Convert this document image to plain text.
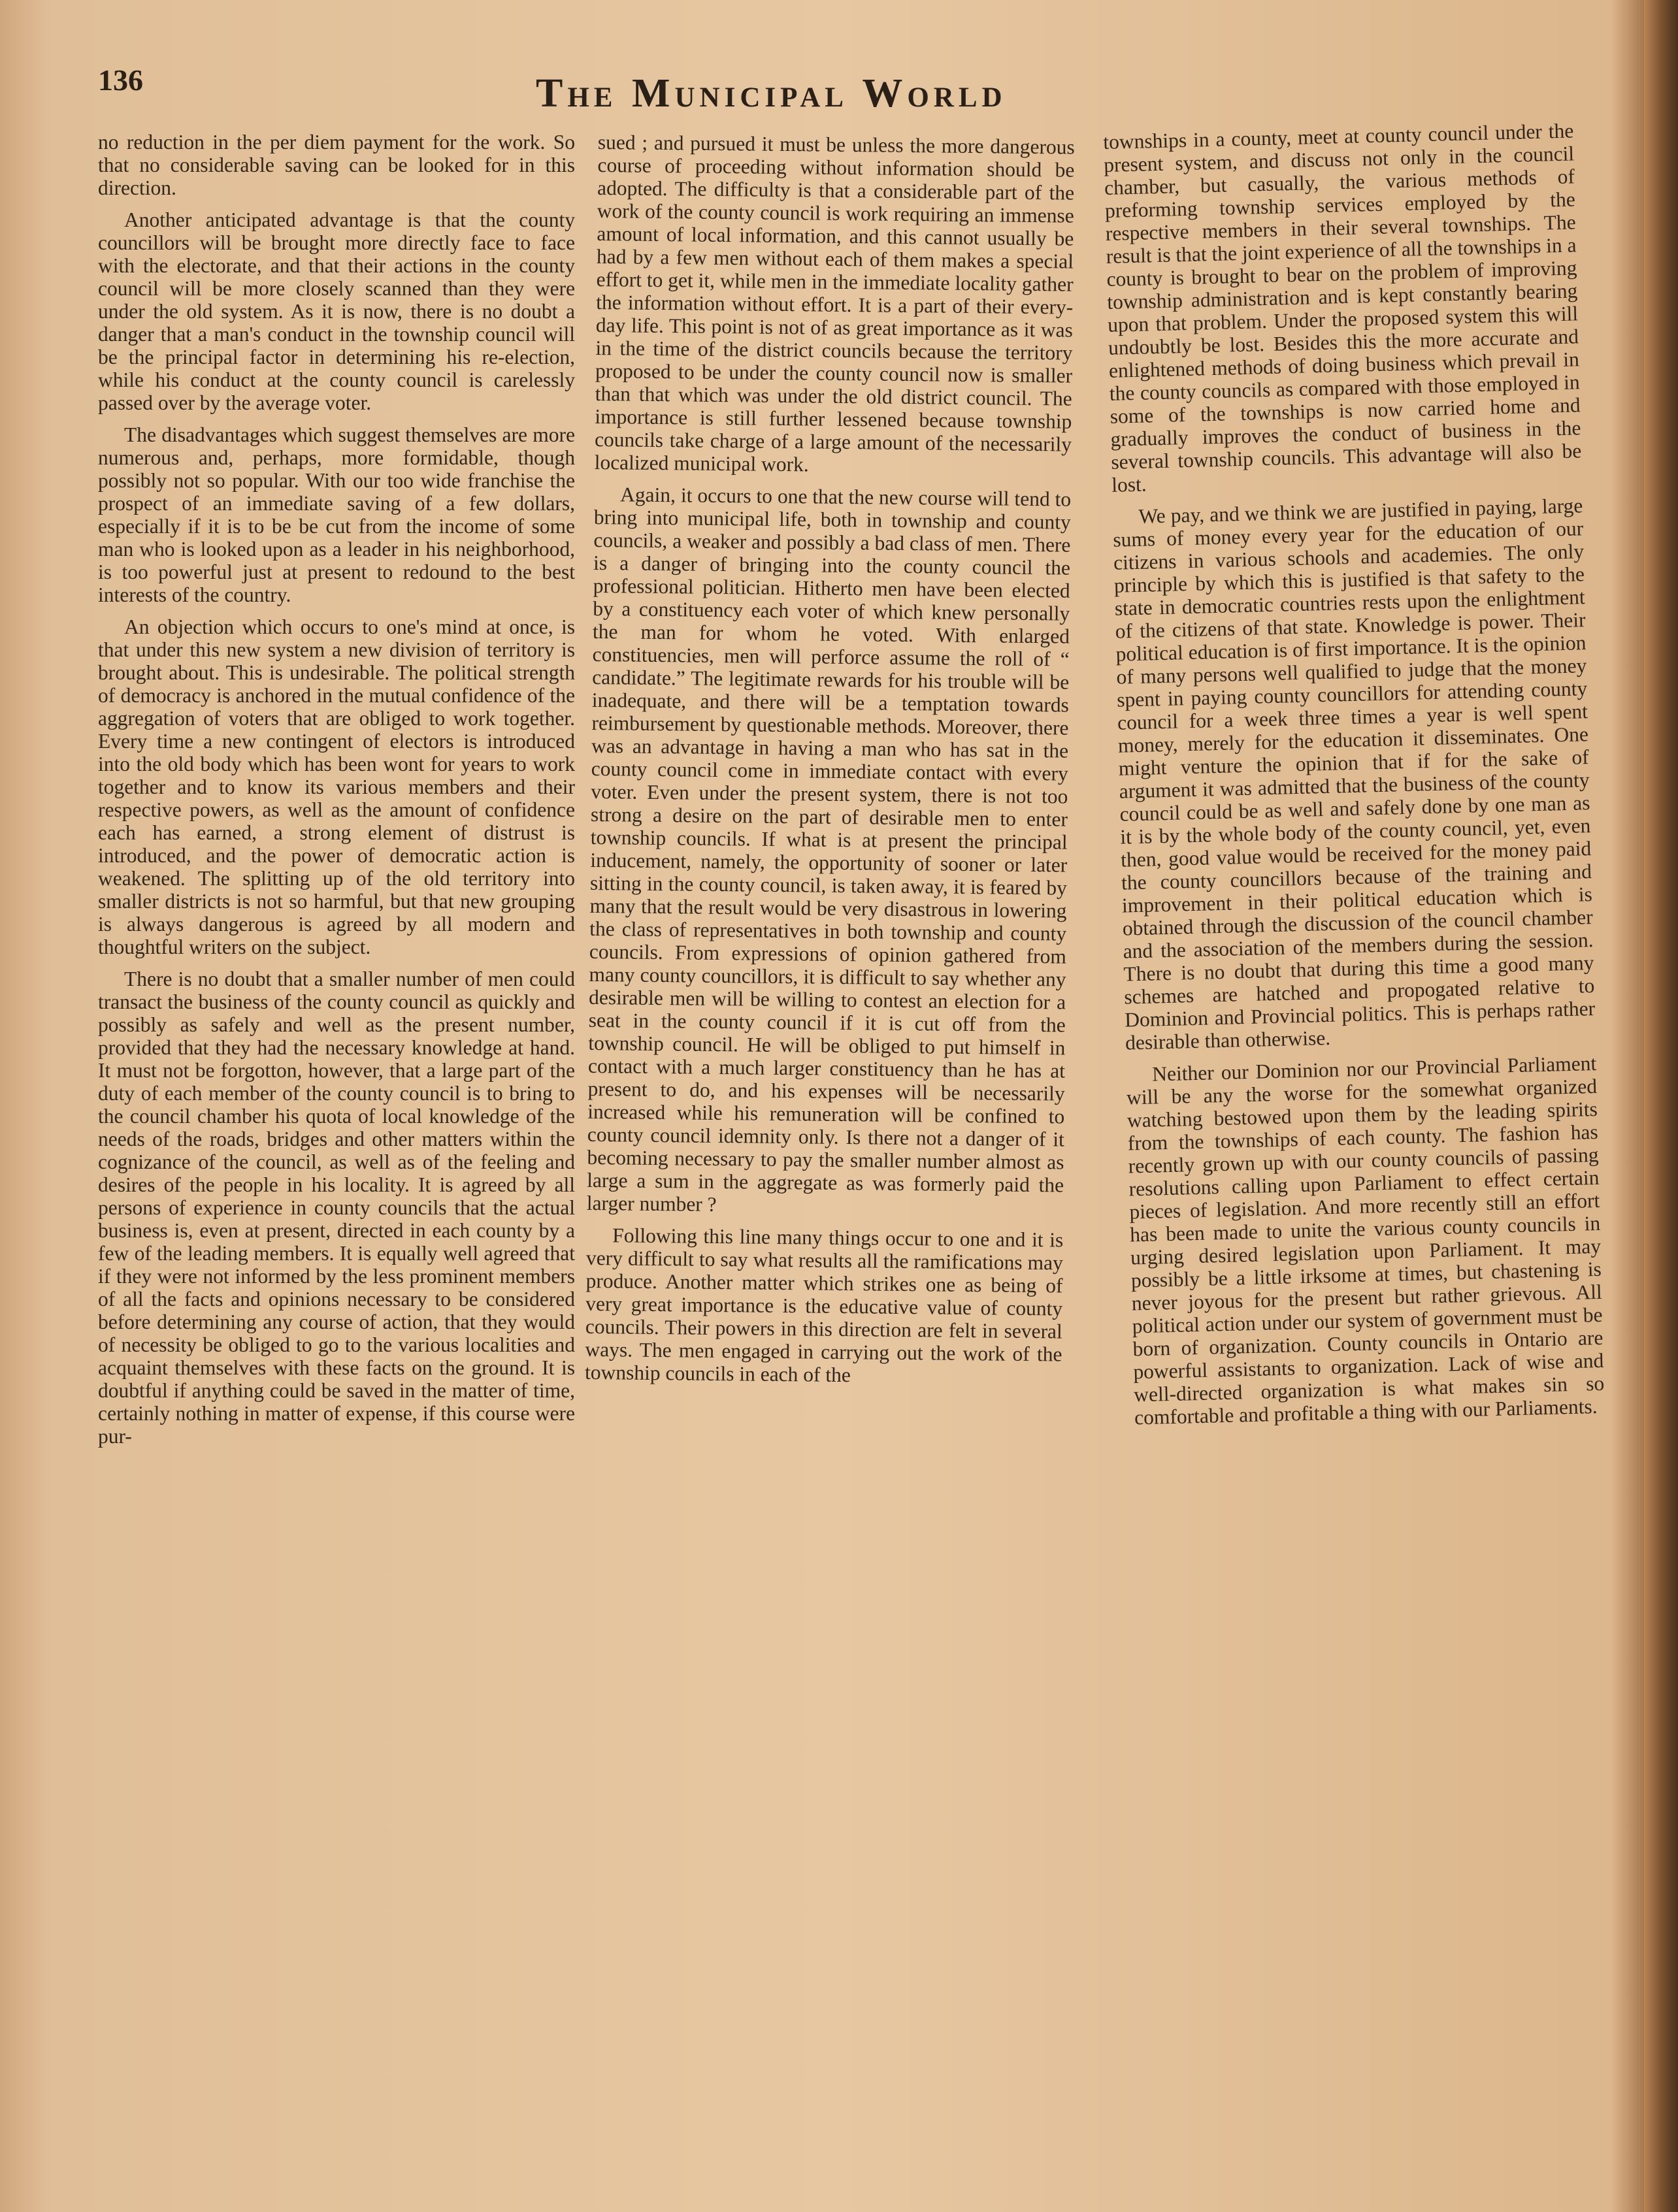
136	The Municipal World

no reduction in the per diem payment for the work. So that no considerable saving can be looked for in this direction.

Another anticipated advantage is that the county councillors will be brought more directly face to face with the electorate, and that their actions in the county council will be more closely scanned than they were under the old system. As it is now, there is no doubt a danger that a man's conduct in the township council will be the principal factor in determining his re-election, while his conduct at the county council is carelessly passed over by the average voter.

The disadvantages which suggest themselves are more numerous and, perhaps, more formidable, though possibly not so popular. With our too wide franchise the prospect of an immediate saving of a few dollars, especially if it is to be be cut from the income of some man who is looked upon as a leader in his neighborhood, is too powerful just at present to redound to the best interests of the country.

An objection which occurs to one's mind at once, is that under this new system a new division of territory is brought about. This is undesirable. The political strength of democracy is anchored in the mutual confidence of the aggregation of voters that are obliged to work together. Every time a new contingent of electors is introduced into the old body which has been wont for years to work together and to know its various members and their respective powers, as well as the amount of confidence each has earned, a strong element of distrust is introduced, and the power of democratic action is weakened. The splitting up of the old territory into smaller districts is not so harmful, but that new grouping is always dangerous is agreed by all modern and thoughtful writers on the subject.

There is no doubt that a smaller number of men could transact the business of the county council as quickly and possibly as safely and well as the present number, provided that they had the necessary knowledge at hand. It must not be forgotton, however, that a large part of the duty of each member of the county council is to bring to the council chamber his quota of local knowledge of the needs of the roads, bridges and other matters within the cognizance of the council, as well as of the feeling and desires of the people in his locality. It is agreed by all persons of experience in county councils that the actual business is, even at present, directed in each county by a few of the leading members. It is equally well agreed that if they were not informed by the less prominent members of all the facts and opinions necessary to be considered before determining any course of action, that they would of necessity be obliged to go to the various localities and acquaint themselves with these facts on the ground. It is doubtful if anything could be saved in the matter of time, certainly nothing in matter of expense, if this course were pur-

sued ; and pursued it must be unless the more dangerous course of proceeding without information should be adopted. The difficulty is that a considerable part of the work of the county council is work requiring an immense amount of local information, and this cannot usually be had by a few men without each of them makes a special effort to get it, while men in the immediate locality gather the information without effort. It is a part of their every-day life. This point is not of as great importance as it was in the time of the district councils because the territory proposed to be under the county council now is smaller than that which was under the old district council. The importance is still further lessened because township councils take charge of a large amount of the necessarily localized municipal work.

Again, it occurs to one that the new course will tend to bring into municipal life, both in township and county councils, a weaker and possibly a bad class of men. There is a danger of bringing into the county council the professional politician. Hitherto men have been elected by a constituency each voter of which knew personally the man for whom he voted. With enlarged constituencies, men will perforce assume the roll of “ candidate.” The legitimate rewards for his trouble will be inadequate, and there will be a temptation towards reimbursement by questionable methods. Moreover, there was an advantage in having a man who has sat in the county council come in immediate contact with every voter. Even under the present system, there is not too strong a desire on the part of desirable men to enter township councils. If what is at present the principal inducement, namely, the opportunity of sooner or later sitting in the county council, is taken away, it is feared by many that the result would be very disastrous in lowering the class of representatives in both township and county councils. From expressions of opinion gathered from many county councillors, it is difficult to say whether any desirable men will be willing to contest an election for a seat in the county council if it is cut off from the township council. He will be obliged to put himself in contact with a much larger constituency than he has at present to do, and his expenses will be necessarily increased while his remuneration will be confined to county council idemnity only. Is there not a danger of it becoming necessary to pay the smaller number almost as large a sum in the aggregate as was formerly paid the larger number ?

Following this line many things occur to one and it is very difficult to say what results all the ramifications may produce. Another matter which strikes one as being of very great importance is the educative value of county councils. Their powers in this direction are felt in several ways. The men engaged in carrying out the work of the township councils in each of the

townships in a county, meet at county council under the present system, and discuss not only in the council chamber, but casually, the various methods of preforming township services employed by the respective members in their several townships. The result is that the joint experience of all the townships in a county is brought to bear on the problem of improving township administration and is kept constantly bearing upon that problem. Under the proposed system this will undoubtly be lost. Besides this the more accurate and enlightened methods of doing business which prevail in the county councils as compared with those employed in some of the townships is now carried home and gradually improves the conduct of business in the several township councils. This advantage will also be lost.

We pay, and we think we are justified in paying, large sums of money every year for the education of our citizens in various schools and academies. The only principle by which this is justified is that safety to the state in democratic countries rests upon the enlightment of the citizens of that state. Knowledge is power. Their political education is of first importance. It is the opinion of many persons well qualified to judge that the money spent in paying county councillors for attending county council for a week three times a year is well spent money, merely for the education it disseminates. One might venture the opinion that if for the sake of argument it was admitted that the business of the county council could be as well and safely done by one man as it is by the whole body of the county council, yet, even then, good value would be received for the money paid the county councillors because of the training and improvement in their political education which is obtained through the discussion of the council chamber and the association of the members during the session. There is no doubt that during this time a good many schemes are hatched and propogated relative to Dominion and Provincial politics. This is perhaps rather desirable than otherwise.

Neither our Dominion nor our Provincial Parliament will be any the worse for the somewhat organized watching bestowed upon them by the leading spirits from the townships of each county. The fashion has recently grown up with our county councils of passing resolutions calling upon Parliament to effect certain pieces of legislation. And more recently still an effort has been made to unite the various county councils in urging desired legislation upon Parliament. It may possibly be a little irksome at times, but chastening is never joyous for the present but rather grievous. All political action under our system of government must be born of organization. County councils in Ontario are powerful assistants to organization. Lack of wise and well-directed organization is what makes sin so comfortable and profitable a thing with our Parliaments.
